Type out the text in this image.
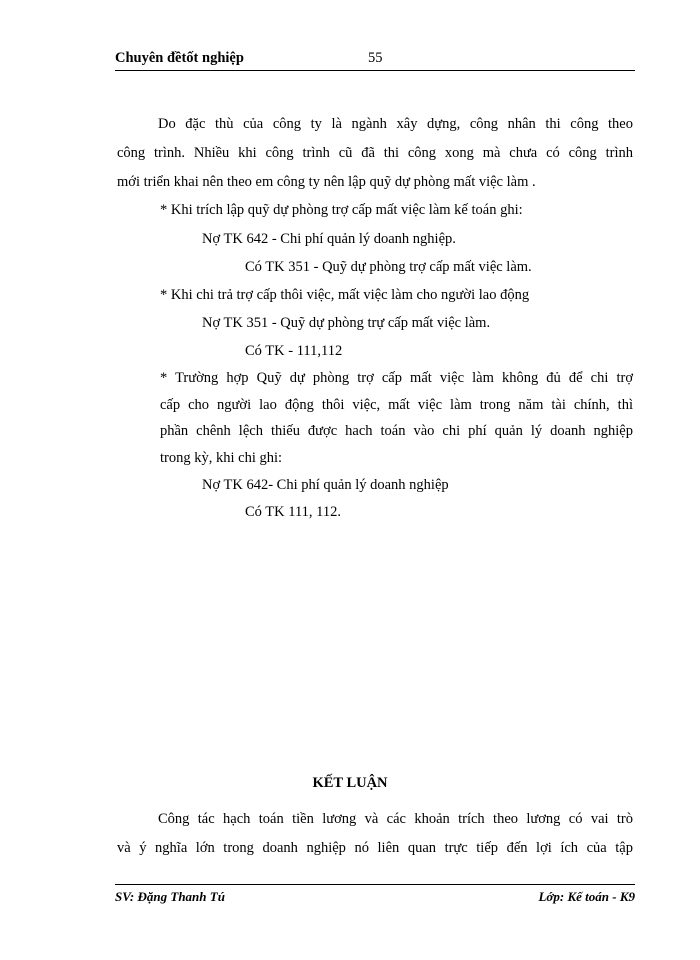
Chuyên đềtốt nghiệp	55
Do đặc thù của công ty là ngành xây dựng, công nhân thi công theo
công trình. Nhiều khi công trình cũ đã thi công xong mà chưa có công trình
mới triển khai nên theo em công ty nên lập quỹ dự phòng mất việc làm .
* Khi trích lập quỹ dự phòng trợ cấp mất việc làm kế toán ghi:
Nợ TK 642 - Chi phí quản lý doanh nghiệp.
Có TK 351 - Quỹ dự phòng trợ cấp mất việc làm.
* Khi chi trả trợ cấp thôi việc, mất việc làm cho người lao động
Nợ TK 351 - Quỹ dự phòng trự cấp mất việc làm.
Có TK - 111,112
* Trường hợp Quỹ dự phòng trợ cấp mất việc làm không đủ để chi trợ
cấp cho người lao động thôi việc, mất việc làm trong năm tài chính, thì
phần chênh lệch thiếu được hach toán vào chi phí quản lý doanh nghiệp
trong kỳ, khi chi ghi:
Nợ TK 642- Chi phí quản lý doanh nghiệp
Có TK 111, 112.
KẾT LUẬN
Công tác hạch toán tiền lương và các khoản trích theo lương có vai trò
và ý nghĩa lớn trong doanh nghiệp nó liên quan trực tiếp đến lợi ích của tập
SV: Đặng Thanh Tú	Lớp: Kế toán - K9
